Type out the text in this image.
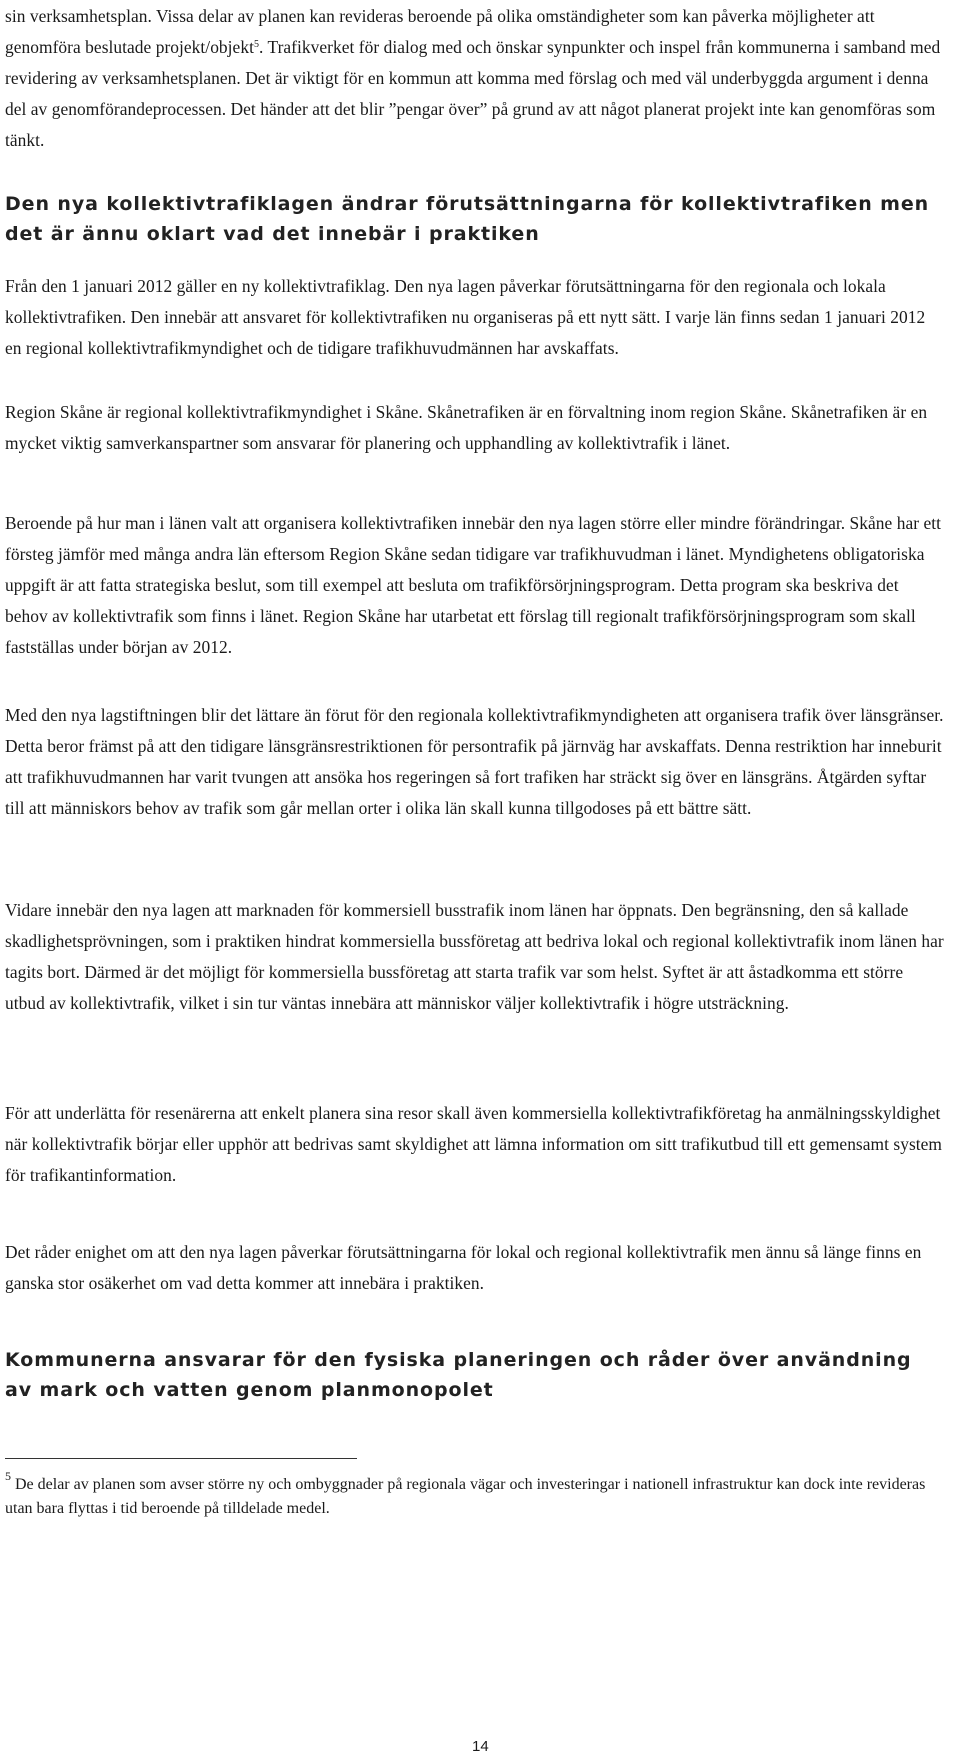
sin verksamhetsplan. Vissa delar av planen kan revideras beroende på olika omständigheter som kan påverka möjligheter att genomföra beslutade projekt/objekt$^5$. Trafikverket för dialog med och önskar synpunkter och inspel från kommunerna i samband med revidering av verksamhetsplanen. Det är viktigt för en kommun att komma med förslag och med väl underbyggda argument i denna del av genomförandeprocessen. Det händer att det blir ”pengar över” på grund av att något planerat projekt inte kan genomföras som tänkt.

Den nya kollektivtrafiklagen ändrar förutsättningarna för kollektivtrafiken men det är ännu oklart vad det innebär i praktiken

Från den 1 januari 2012 gäller en ny kollektivtrafiklag. Den nya lagen påverkar förutsättningarna för den regionala och lokala kollektivtrafiken. Den innebär att ansvaret för kollektivtrafiken nu organiseras på ett nytt sätt. I varje län finns sedan 1 januari 2012 en regional kollektivtrafikmyndighet och de tidigare trafikhuvudmännen har avskaffats.

Region Skåne är regional kollektivtrafikmyndighet i Skåne. Skånetrafiken är en förvaltning inom region Skåne. Skånetrafiken är en mycket viktig samverkanspartner som ansvarar för planering och upphandling av kollektivtrafik i länet.

Beroende på hur man i länen valt att organisera kollektivtrafiken innebär den nya lagen större eller mindre förändringar. Skåne har ett försteg jämför med många andra län eftersom Region Skåne sedan tidigare var trafikhuvudman i länet. Myndighetens obligatoriska uppgift är att fatta strategiska beslut, som till exempel att besluta om trafikförsörjningsprogram. Detta program ska beskriva det behov av kollektivtrafik som finns i länet. Region Skåne har utarbetat ett förslag till regionalt trafikförsörjningsprogram som skall fastställas under början av 2012.

Med den nya lagstiftningen blir det lättare än förut för den regionala kollektivtrafikmyndigheten att organisera trafik över länsgränser. Detta beror främst på att den tidigare länsgränsrestriktionen för persontrafik på järnväg har avskaffats. Denna restriktion har inneburit att trafikhuvudmannen har varit tvungen att ansöka hos regeringen så fort trafiken har sträckt sig över en länsgräns. Åtgärden syftar till att människors behov av trafik som går mellan orter i olika län skall kunna tillgodoses på ett bättre sätt.

Vidare innebär den nya lagen att marknaden för kommersiell busstrafik inom länen har öppnats. Den begränsning, den så kallade skadlighetsprövningen, som i praktiken hindrat kommersiella bussföretag att bedriva lokal och regional kollektivtrafik inom länen har tagits bort. Därmed är det möjligt för kommersiella bussföretag att starta trafik var som helst. Syftet är att åstadkomma ett större utbud av kollektivtrafik, vilket i sin tur väntas innebära att människor väljer kollektivtrafik i högre utsträckning.

För att underlätta för resenärerna att enkelt planera sina resor skall även kommersiella kollektivtrafikföretag ha anmälningsskyldighet när kollektivtrafik börjar eller upphör att bedrivas samt skyldighet att lämna information om sitt trafikutbud till ett gemensamt system för trafikantinformation.

Det råder enighet om att den nya lagen påverkar förutsättningarna för lokal och regional kollektivtrafik men ännu så länge finns en ganska stor osäkerhet om vad detta kommer att innebära i praktiken.

Kommunerna ansvarar för den fysiska planeringen och råder över användning av mark och vatten genom planmonopolet

$^5$ De delar av planen som avser större ny och ombyggnader på regionala vägar och investeringar i nationell infrastruktur kan dock inte revideras utan bara flyttas i tid beroende på tilldelade medel.

14
